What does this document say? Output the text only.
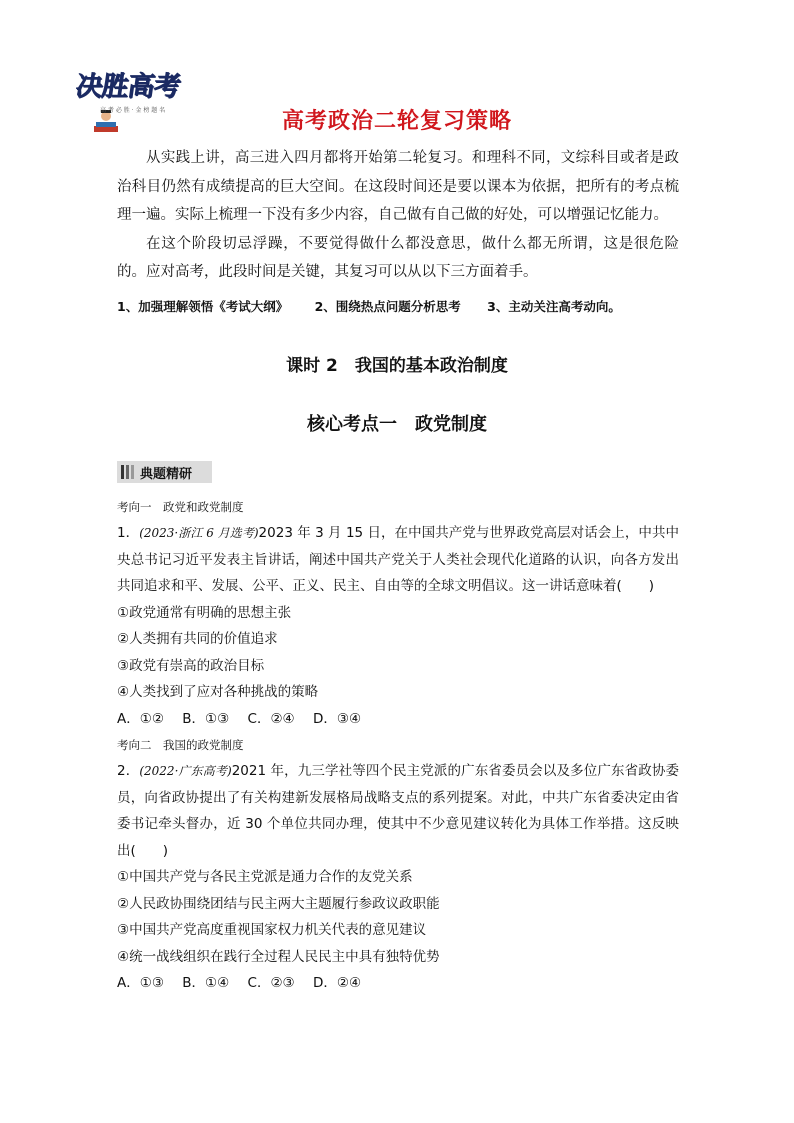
决胜高考
高 考 必 胜 · 金 榜 题 名	高考政治二轮复习策略

从实践上讲，高三进入四月都将开始第二轮复习。和理科不同，文综科目或者是政治科目仍然有成绩提高的巨大空间。在这段时间还是要以课本为依据，把所有的考点梳理一遍。实际上梳理一下没有多少内容，自己做有自己做的好处，可以增强记忆能力。

在这个阶段切忌浮躁，不要觉得做什么都没意思，做什么都无所谓，这是很危险的。应对高考，此段时间是关键，其复习可以从以下三方面着手。

1、加强理解领悟《考试大纲》 2、围绕热点问题分析思考 3、主动关注高考动向。
课时 2　我国的基本政治制度
核心考点一　政党制度
典题精研
考向一　政党和政党制度
1．(2023·浙江 6 月选考)2023 年 3 月 15 日，在中国共产党与世界政党高层对话会上，中共中央总书记习近平发表主旨讲话，阐述中国共产党关于人类社会现代化道路的认识，向各方发出共同追求和平、发展、公平、正义、民主、自由等的全球文明倡议。这一讲话意味着(　　)
①政党通常有明确的思想主张
②人类拥有共同的价值追求
③政党有崇高的政治目标
④人类找到了应对各种挑战的策略
A．①② B．①③ C．②④ D．③④
考向二　我国的政党制度
2．(2022·广东高考)2021 年，九三学社等四个民主党派的广东省委员会以及多位广东省政协委员，向省政协提出了有关构建新发展格局战略支点的系列提案。对此，中共广东省委决定由省委书记牵头督办，近 30 个单位共同办理，使其中不少意见建议转化为具体工作举措。这反映出(　　)
①中国共产党与各民主党派是通力合作的友党关系
②人民政协围绕团结与民主两大主题履行参政议政职能
③中国共产党高度重视国家权力机关代表的意见建议
④统一战线组织在践行全过程人民民主中具有独特优势
A．①③ B．①④ C．②③ D．②④
